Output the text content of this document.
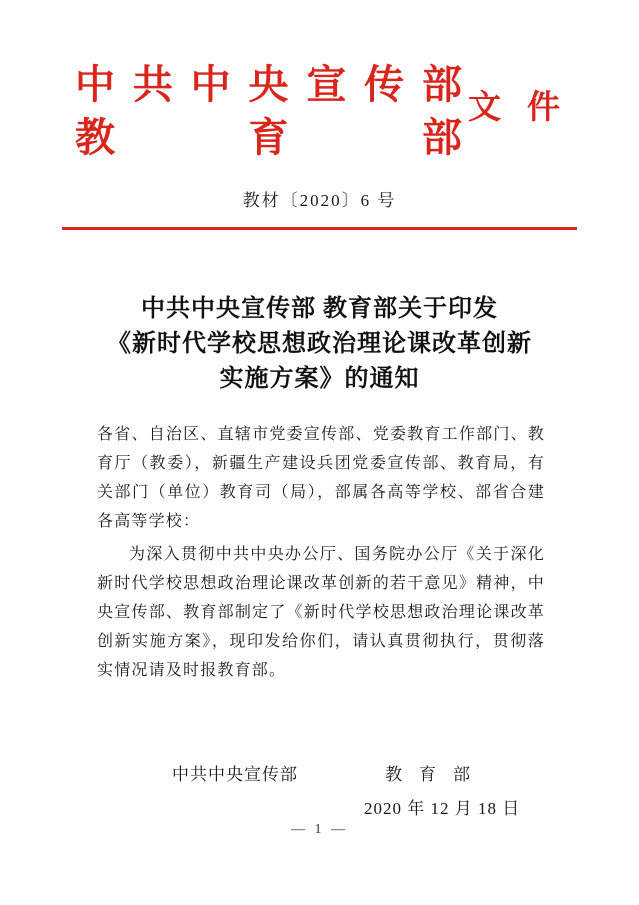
中 共 中 央 宣 传 部
教	育	部
文件
教材〔2020〕6 号
中共中央宣传部 教育部关于印发
《新时代学校思想政治理论课改革创新
实施方案》的通知

各省、自治区、直辖市党委宣传部、党委教育工作部门、教育厅（教委），新疆生产建设兵团党委宣传部、教育局，有关部门（单位）教育司（局），部属各高等学校、部省合建各高等学校：

为深入贯彻中共中央办公厅、国务院办公厅《关于深化新时代学校思想政治理论课改革创新的若干意见》精神，中央宣传部、教育部制定了《新时代学校思想政治理论课改革创新实施方案》，现印发给你们，请认真贯彻执行，贯彻落实情况请及时报教育部。

中共中央宣传部	教　育　部
2020 年 12 月 18 日
— 1 —
